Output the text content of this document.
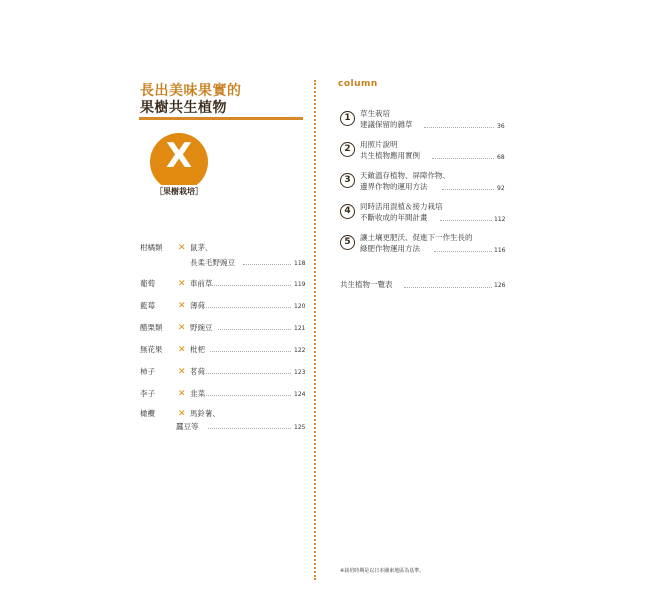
長出美味果實的
果樹共生植物
X
［果樹栽培］
柑橘類 ✕ 鼠茅、
長柔毛野豌豆	118
葡萄	✕ 車前草	119
藍莓	✕ 薄荷	120
醋栗類 ✕ 野豌豆	121
無花果 ✕ 枇杷	122
柿子	✕ 茗荷	123
李子	✕ 韭菜	124
橄欖	✕ 馬鈴薯、
蠶豆等	125
column
1	草生栽培
建議保留的雜草	36
2	用照片說明
共生植物應用實例	68
3	天敵溫存植物、屏障作物、
邊界作物的運用方法	92
4	同時活用混植＆接力栽培
不斷收成的年間計畫	112
5	讓土壤更肥沃、促進下一作生長的
綠肥作物運用方法	116
共生植物一覽表	126
※栽培時期是以日本關東地區為基準。
